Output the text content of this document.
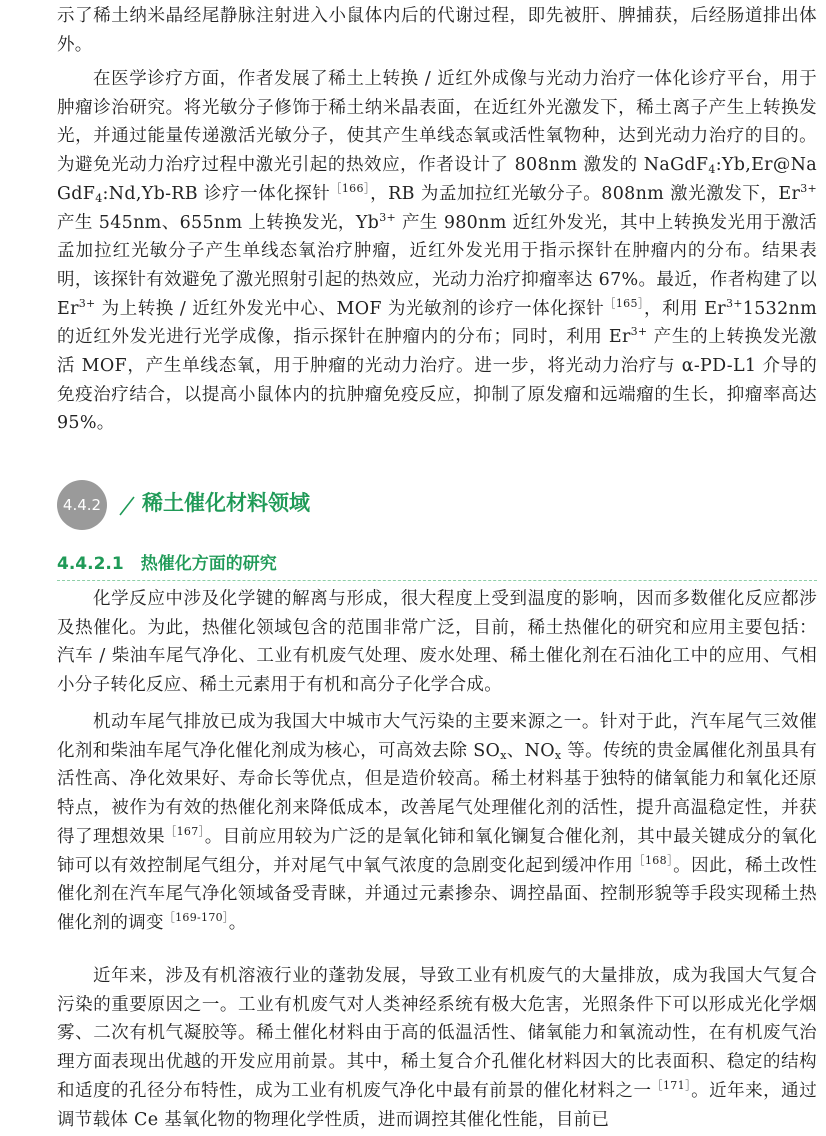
示了稀土纳米晶经尾静脉注射进入小鼠体内后的代谢过程，即先被肝、脾捕获，后经肠道排出体外。

在医学诊疗方面，作者发展了稀土上转换 / 近红外成像与光动力治疗一体化诊疗平台，用于肿瘤诊治研究。将光敏分子修饰于稀土纳米晶表面，在近红外光激发下，稀土离子产生上转换发光，并通过能量传递激活光敏分子，使其产生单线态氧或活性氧物种，达到光动力治疗的目的。为避免光动力治疗过程中激光引起的热效应，作者设计了 808nm 激发的 NaGdF$_4$:Yb,Er@NaGdF$_4$:Nd,Yb-RB 诊疗一体化探针$^{[166]}$，RB 为孟加拉红光敏分子。808nm 激光激发下，$Er^{3+}$ 产生 545nm、655nm 上转换发光，$Yb^{3+}$ 产生 980nm 近红外发光，其中上转换发光用于激活孟加拉红光敏分子产生单线态氧治疗肿瘤，近红外发光用于指示探针在肿瘤内的分布。结果表明，该探针有效避免了激光照射引起的热效应，光动力治疗抑瘤率达 67%。最近，作者构建了以 $Er^{3+}$ 为上转换 / 近红外发光中心、MOF 为光敏剂的诊疗一体化探针$^{[165]}$，利用 $Er^{3+}1532nm$ 的近红外发光进行光学成像，指示探针在肿瘤内的分布；同时，利用 $Er^{3+}$ 产生的上转换发光激活 MOF，产生单线态氧，用于肿瘤的光动力治疗。进一步，将光动力治疗与 α-PD-L1 介导的免疫治疗结合，以提高小鼠体内的抗肿瘤免疫反应，抑制了原发瘤和远端瘤的生长，抑瘤率高达 95%。

4.4.2 稀土催化材料领域
4.4.2.1　热催化方面的研究

化学反应中涉及化学键的解离与形成，很大程度上受到温度的影响，因而多数催化反应都涉及热催化。为此，热催化领域包含的范围非常广泛，目前，稀土热催化的研究和应用主要包括：汽车 / 柴油车尾气净化、工业有机废气处理、废水处理、稀土催化剂在石油化工中的应用、气相小分子转化反应、稀土元素用于有机和高分子化学合成。

机动车尾气排放已成为我国大中城市大气污染的主要来源之一。针对于此，汽车尾气三效催化剂和柴油车尾气净化催化剂成为核心，可高效去除 $SO_x$、$NO_x$ 等。传统的贵金属催化剂虽具有活性高、净化效果好、寿命长等优点，但是造价较高。稀土材料基于独特的储氧能力和氧化还原特点，被作为有效的热催化剂来降低成本，改善尾气处理催化剂的活性，提升高温稳定性，并获得了理想效果$^{[167]}$。目前应用较为广泛的是氧化铈和氧化镧复合催化剂，其中最关键成分的氧化铈可以有效控制尾气组分，并对尾气中氧气浓度的急剧变化起到缓冲作用$^{[168]}$。因此，稀土改性催化剂在汽车尾气净化领域备受青睐，并通过元素掺杂、调控晶面、控制形貌等手段实现稀土热催化剂的调变$^{[169-170]}$。

近年来，涉及有机溶液行业的蓬勃发展，导致工业有机废气的大量排放，成为我国大气复合污染的重要原因之一。工业有机废气对人类神经系统有极大危害，光照条件下可以形成光化学烟雾、二次有机气凝胶等。稀土催化材料由于高的低温活性、储氧能力和氧流动性，在有机废气治理方面表现出优越的开发应用前景。其中，稀土复合介孔催化材料因大的比表面积、稳定的结构和适度的孔径分布特性，成为工业有机废气净化中最有前景的催化材料之一$^{[171]}$。近年来，通过调节载体 Ce 基氧化物的物理化学性质，进而调控其催化性能，目前已
